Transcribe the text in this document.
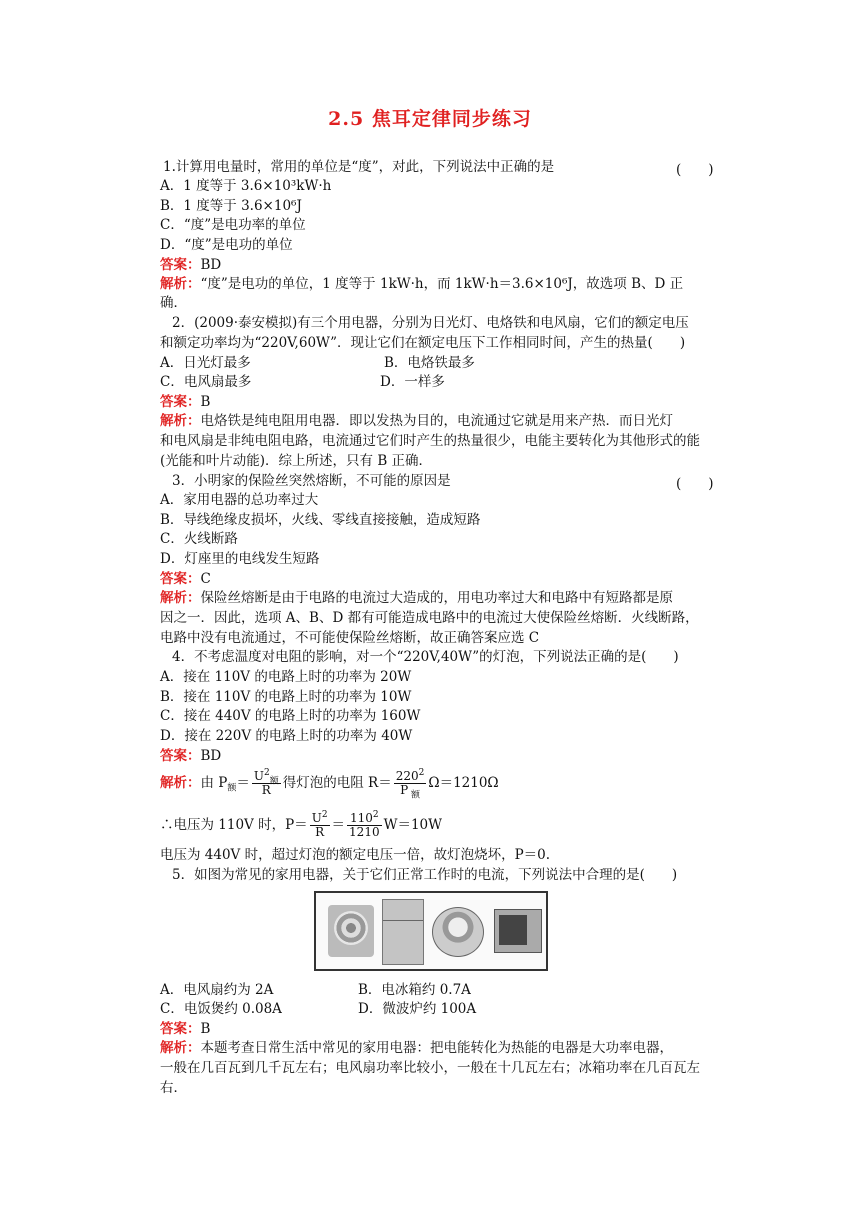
2.5 焦耳定律同步练习
1.计算用电量时，常用的单位是“度”，对此，下列说法中正确的是	(　　)
A．1 度等于 3.6×10³kW·h
B．1 度等于 3.6×10⁶J
C．“度”是电功率的单位
D．“度”是电功的单位
答案：BD
解析：“度”是电功的单位，1 度等于 1kW·h，而 1kW·h＝3.6×10⁶J，故选项 B、D 正
确．
2．(2009·泰安模拟)有三个用电器，分别为日光灯、电烙铁和电风扇，它们的额定电压
和额定功率均为“220V,60W”．现让它们在额定电压下工作相同时间，产生的热量(　　)
A．日光灯最多	B．电烙铁最多
C．电风扇最多	D．一样多
答案：B
解析：电烙铁是纯电阻用电器．即以发热为目的，电流通过它就是用来产热．而日光灯
和电风扇是非纯电阻电路，电流通过它们时产生的热量很少，电能主要转化为其他形式的能
(光能和叶片动能)．综上所述，只有 B 正确．
3．小明家的保险丝突然熔断，不可能的原因是	(　　)
A．家用电器的总功率过大
B．导线绝缘皮损坏，火线、零线直接接触，造成短路
C．火线断路
D．灯座里的电线发生短路
答案：C
解析：保险丝熔断是由于电路的电流过大造成的，用电功率过大和电路中有短路都是原
因之一．因此，选项 A、B、D 都有可能造成电路中的电流过大使保险丝熔断．火线断路，
电路中没有电流通过，不可能使保险丝熔断，故正确答案应选 C
4．不考虑温度对电阻的影响，对一个“220V,40W”的灯泡，下列说法正确的是(　　)
A．接在 110V 的电路上时的功率为 20W
B．接在 110V 的电路上时的功率为 10W
C．接在 440V 的电路上时的功率为 160W
D．接在 220V 的电路上时的功率为 40W
答案：BD
解析：由 $P_额= \frac{U^2_额}{R}$ 得灯泡的电阻 $R= \frac{220^2}{P _额} \Omega=1210\Omega$
∴电压为 110V 时，$P= \frac{U^2}{R} = \frac{110^2}{1210} W=10W$
电压为 440V 时，超过灯泡的额定电压一倍，故灯泡烧坏，P＝0.
5．如图为常见的家用电器，关于它们正常工作时的电流，下列说法中合理的是(　　)
A．电风扇约为 2A	B．电冰箱约 0.7A
C．电饭煲约 0.08A	D．微波炉约 100A
答案：B
解析：本题考查日常生活中常见的家用电器：把电能转化为热能的电器是大功率电器，
一般在几百瓦到几千瓦左右；电风扇功率比较小，一般在十几瓦左右；冰箱功率在几百瓦左
右．
